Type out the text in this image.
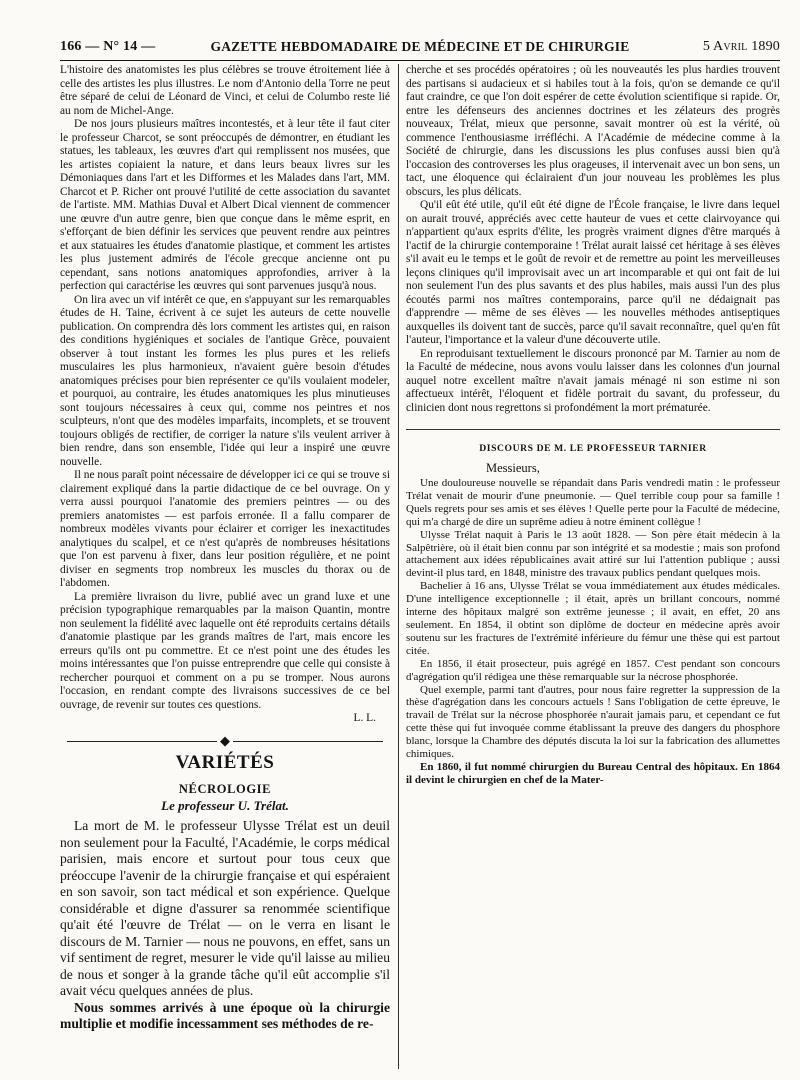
166 — N° 14 —	GAZETTE HEBDOMADAIRE DE MÉDECINE ET DE CHIRURGIE	5 Avril 1890

L'histoire des anatomistes les plus célèbres se trouve étroitement liée à celle des artistes les plus illustres. Le nom d'Antonio della Torre ne peut être séparé de celui de Léonard de Vinci, et celui de Columbo reste lié au nom de Michel-Ange.

De nos jours plusieurs maîtres incontestés, et à leur tête il faut citer le professeur Charcot, se sont préoccupés de démontrer, en étudiant les statues, les tableaux, les œuvres d'art qui remplissent nos musées, que les artistes copiaient la nature, et dans leurs beaux livres sur les Démoniaques dans l'art et les Difformes et les Malades dans l'art, MM. Charcot et P. Richer ont prouvé l'utilité de cette association du savantet de l'artiste. MM. Mathias Duval et Albert Dical viennent de commencer une œuvre d'un autre genre, bien que conçue dans le même esprit, en s'efforçant de bien définir les services que peuvent rendre aux peintres et aux statuaires les études d'anatomie plastique, et comment les artistes les plus justement admirés de l'école grecque ancienne ont pu cependant, sans notions anatomiques approfondies, arriver à la perfection qui caractérise les œuvres qui sont parvenues jusqu'à nous.

On lira avec un vif intérêt ce que, en s'appuyant sur les remarquables études de H. Taine, écrivent à ce sujet les auteurs de cette nouvelle publication. On comprendra dès lors comment les artistes qui, en raison des conditions hygiéniques et sociales de l'antique Grèce, pouvaient observer à tout instant les formes les plus pures et les reliefs musculaires les plus harmonieux, n'avaient guère besoin d'études anatomiques précises pour bien représenter ce qu'ils voulaient modeler, et pourquoi, au contraire, les études anatomiques les plus minutieuses sont toujours nécessaires à ceux qui, comme nos peintres et nos sculpteurs, n'ont que des modèles imparfaits, incomplets, et se trouvent toujours obligés de rectifier, de corriger la nature s'ils veulent arriver à bien rendre, dans son ensemble, l'idée qui leur a inspiré une œuvre nouvelle.

Il ne nous paraît point nécessaire de développer ici ce qui se trouve si clairement expliqué dans la partie didactique de ce bel ouvrage. On y verra aussi pourquoi l'anatomie des premiers peintres — ou des premiers anatomistes — est parfois erronée. Il a fallu comparer de nombreux modèles vivants pour éclairer et corriger les inexactitudes analytiques du scalpel, et ce n'est qu'après de nombreuses hésitations que l'on est parvenu à fixer, dans leur position régulière, et ne point diviser en segments trop nombreux les muscles du thorax ou de l'abdomen.

La première livraison du livre, publié avec un grand luxe et une précision typographique remarquables par la maison Quantin, montre non seulement la fidélité avec laquelle ont été reproduits certains détails d'anatomie plastique par les grands maîtres de l'art, mais encore les erreurs qu'ils ont pu commettre. Et ce n'est point une des études les moins intéressantes que l'on puisse entreprendre que celle qui consiste à rechercher pourquoi et comment on a pu se tromper. Nous aurons l'occasion, en rendant compte des livraisons successives de ce bel ouvrage, de revenir sur toutes ces questions.

L. L.

◆
VARIÉTÉS
NÉCROLOGIE
Le professeur U. Trélat.

La mort de M. le professeur Ulysse Trélat est un deuil non seulement pour la Faculté, l'Académie, le corps médical parisien, mais encore et surtout pour tous ceux que préoccupe l'avenir de la chirurgie française et qui espéraient en son savoir, son tact médical et son expérience. Quelque considérable et digne d'assurer sa renommée scientifique qu'ait été l'œuvre de Trélat — on le verra en lisant le discours de M. Tarnier — nous ne pouvons, en effet, sans un vif sentiment de regret, mesurer le vide qu'il laisse au milieu de nous et songer à la grande tâche qu'il eût accomplie s'il avait vécu quelques années de plus.

Nous sommes arrivés à une époque où la chirurgie multiplie et modifie incessamment ses méthodes de re-

cherche et ses procédés opératoires ; où les nouveautés les plus hardies trouvent des partisans si audacieux et si habiles tout à la fois, qu'on se demande ce qu'il faut craindre, ce que l'on doit espérer de cette évolution scientifique si rapide. Or, entre les défenseurs des anciennes doctrines et les zélateurs des progrès nouveaux, Trélat, mieux que personne, savait montrer où est la vérité, où commence l'enthousiasme irréfléchi. A l'Académie de médecine comme à la Société de chirurgie, dans les discussions les plus confuses aussi bien qu'à l'occasion des controverses les plus orageuses, il intervenait avec un bon sens, un tact, une éloquence qui éclairaient d'un jour nouveau les problèmes les plus obscurs, les plus délicats.

Qu'il eût été utile, qu'il eût été digne de l'École française, le livre dans lequel on aurait trouvé, appréciés avec cette hauteur de vues et cette clairvoyance qui n'appartient qu'aux esprits d'élite, les progrès vraiment dignes d'être marqués à l'actif de la chirurgie contemporaine ! Trélat aurait laissé cet héritage à ses élèves s'il avait eu le temps et le goût de revoir et de remettre au point les merveilleuses leçons cliniques qu'il improvisait avec un art incomparable et qui ont fait de lui non seulement l'un des plus savants et des plus habiles, mais aussi l'un des plus écoutés parmi nos maîtres contemporains, parce qu'il ne dédaignait pas d'apprendre — même de ses élèves — les nouvelles méthodes antiseptiques auxquelles ils doivent tant de succès, parce qu'il savait reconnaître, quel qu'en fût l'auteur, l'importance et la valeur d'une découverte utile.

En reproduisant textuellement le discours prononcé par M. Tarnier au nom de la Faculté de médecine, nous avons voulu laisser dans les colonnes d'un journal auquel notre excellent maître n'avait jamais ménagé ni son estime ni son affectueux intérêt, l'éloquent et fidèle portrait du savant, du professeur, du clinicien dont nous regrettons si profondément la mort prématurée.

DISCOURS DE M. LE PROFESSEUR TARNIER
Messieurs,

Une douloureuse nouvelle se répandait dans Paris vendredi matin : le professeur Trélat venait de mourir d'une pneumonie. — Quel terrible coup pour sa famille ! Quels regrets pour ses amis et ses élèves ! Quelle perte pour la Faculté de médecine, qui m'a chargé de dire un suprême adieu à notre éminent collègue !

Ulysse Trélat naquit à Paris le 13 août 1828. — Son père était médecin à la Salpêtrière, où il était bien connu par son intégrité et sa modestie ; mais son profond attachement aux idées républicaines avait attiré sur lui l'attention publique ; aussi devint-il plus tard, en 1848, ministre des travaux publics pendant quelques mois.

Bachelier à 16 ans, Ulysse Trélat se voua immédiatement aux études médicales. D'une intelligence exceptionnelle ; il était, après un brillant concours, nommé interne des hôpitaux malgré son extrême jeunesse ; il avait, en effet, 20 ans seulement. En 1854, il obtint son diplôme de docteur en médecine après avoir soutenu sur les fractures de l'extrémité inférieure du fémur une thèse qui est partout citée.

En 1856, il était prosecteur, puis agrégé en 1857. C'est pendant son concours d'agrégation qu'il rédigea une thèse remarquable sur la nécrose phosphorée.

Quel exemple, parmi tant d'autres, pour nous faire regretter la suppression de la thèse d'agrégation dans les concours actuels ! Sans l'obligation de cette épreuve, le travail de Trélat sur la nécrose phosphorée n'aurait jamais paru, et cependant ce fut cette thèse qui fut invoquée comme établissant la preuve des dangers du phosphore blanc, lorsque la Chambre des députés discuta la loi sur la fabrication des allumettes chimiques.

En 1860, il fut nommé chirurgien du Bureau Central des hôpitaux. En 1864 il devint le chirurgien en chef de la Mater-
